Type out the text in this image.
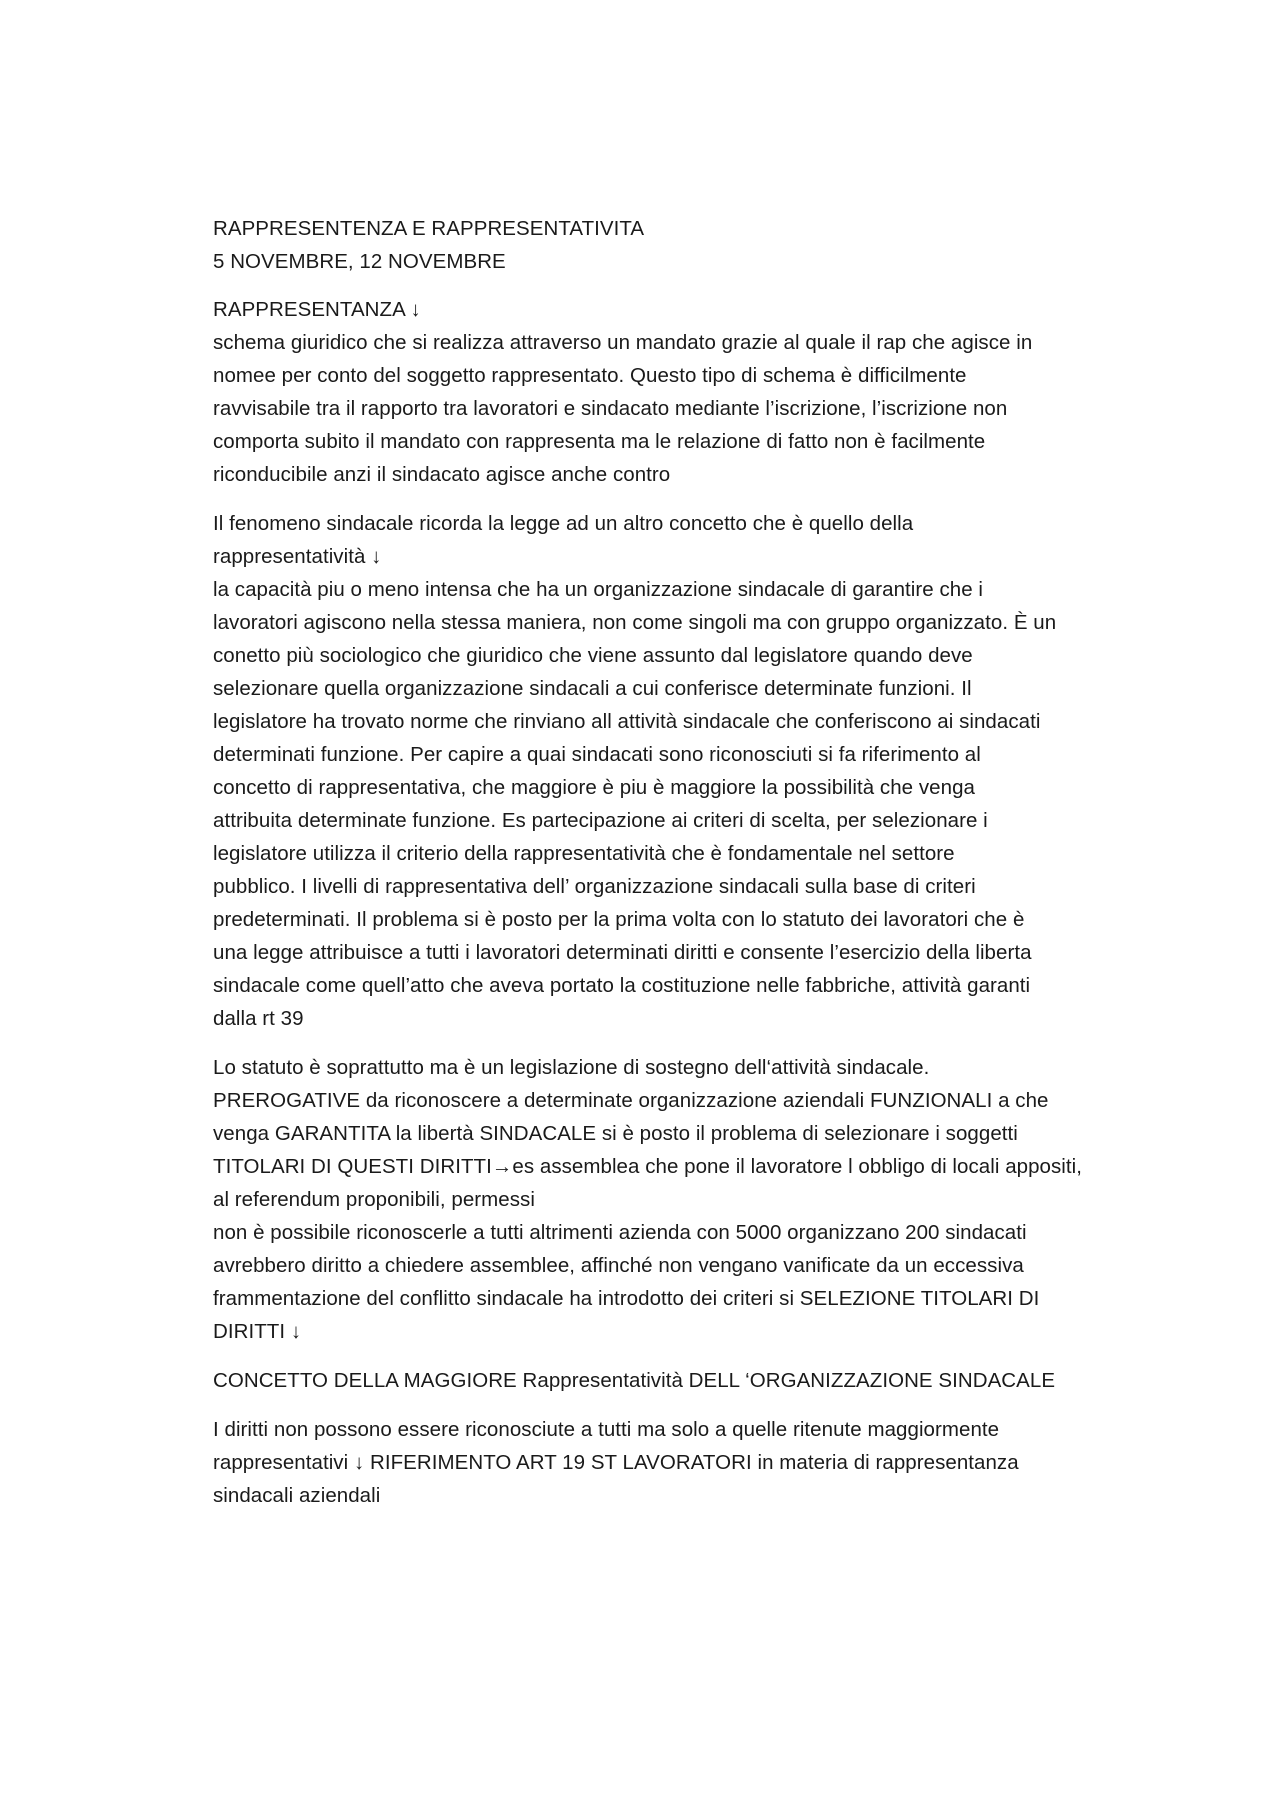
RAPPRESENTENZA E RAPPRESENTATIVITA
5 NOVEMBRE, 12 NOVEMBRE
RAPPRESENTANZA ↓
schema giuridico che si realizza attraverso un mandato grazie al quale il rap che agisce in
nomee per conto del soggetto rappresentato. Questo tipo di schema è difficilmente
ravvisabile tra il rapporto tra lavoratori e sindacato mediante l’iscrizione, l’iscrizione non
comporta subito il mandato con rappresenta ma le relazione di fatto non è facilmente
riconducibile anzi il sindacato agisce anche contro
Il fenomeno sindacale ricorda la legge ad un altro concetto che è quello della
rappresentatività ↓
la capacità piu o meno intensa che ha un organizzazione sindacale di garantire che i
lavoratori agiscono nella stessa maniera, non come singoli ma con gruppo organizzato. È un
conetto più sociologico che giuridico che viene assunto dal legislatore quando deve
selezionare quella organizzazione sindacali a cui conferisce determinate funzioni. Il
legislatore ha trovato norme che rinviano all attività sindacale che conferiscono ai sindacati
determinati funzione. Per capire a quai sindacati sono riconosciuti si fa riferimento al
concetto di rappresentativa, che maggiore è piu è maggiore la possibilità che venga
attribuita determinate funzione. Es partecipazione ai criteri di scelta, per selezionare i
legislatore utilizza il criterio della rappresentatività che è fondamentale nel settore
pubblico. I livelli di rappresentativa dell’ organizzazione sindacali sulla base di criteri
predeterminati. Il problema si è posto per la prima volta con lo statuto dei lavoratori che è
una legge attribuisce a tutti i lavoratori determinati diritti e consente l’esercizio della liberta
sindacale come quell’atto che aveva portato la costituzione nelle fabbriche, attività garanti
dalla rt 39
Lo statuto è soprattutto ma è un legislazione di sostegno dell‘attività sindacale.
PREROGATIVE da riconoscere a determinate organizzazione aziendali FUNZIONALI a che
venga GARANTITA la libertà SINDACALE si è posto il problema di selezionare i soggetti
TITOLARI DI QUESTI DIRITTI→es assemblea che pone il lavoratore l obbligo di locali appositi,
al referendum proponibili, permessi
non è possibile riconoscerle a tutti altrimenti azienda con 5000 organizzano 200 sindacati
avrebbero diritto a chiedere assemblee, affinché non vengano vanificate da un eccessiva
frammentazione del conflitto sindacale ha introdotto dei criteri si SELEZIONE TITOLARI DI
DIRITTI ↓
CONCETTO DELLA MAGGIORE Rappresentatività DELL ‘ORGANIZZAZIONE SINDACALE
I diritti non possono essere riconosciute a tutti ma solo a quelle ritenute maggiormente
rappresentativi ↓ RIFERIMENTO ART 19 ST LAVORATORI in materia di rappresentanza
sindacali aziendali
